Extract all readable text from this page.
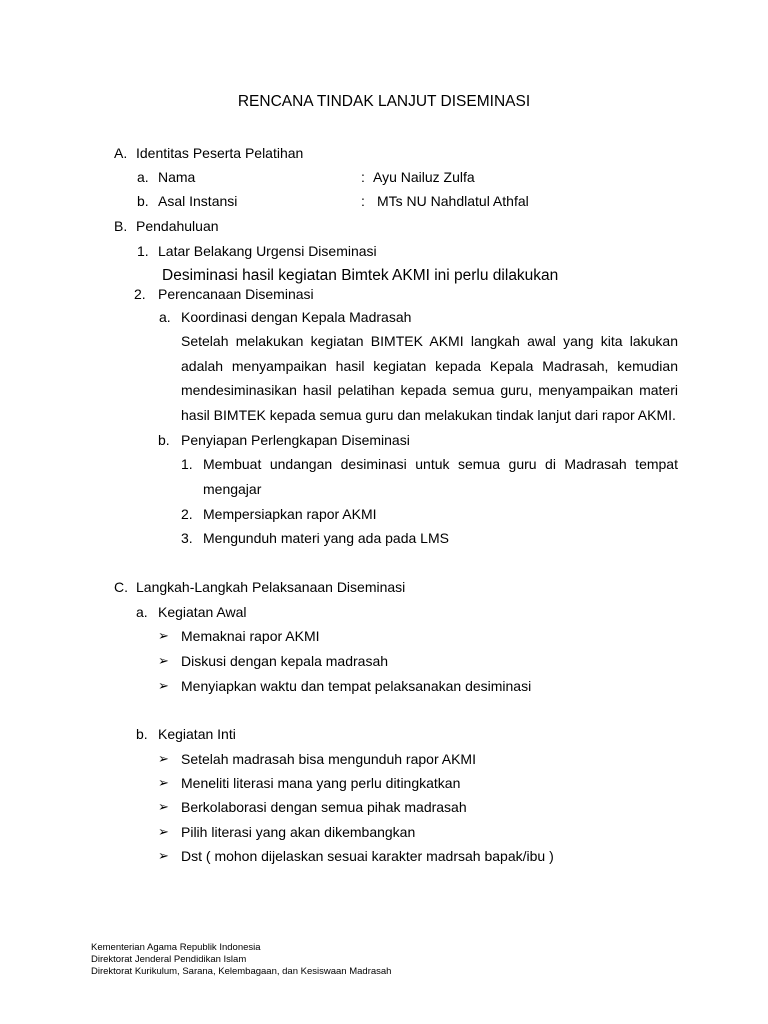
RENCANA TINDAK LANJUT DISEMINASI
A. Identitas Peserta Pelatihan
a. Nama	: Ayu Nailuz Zulfa
b. Asal Instansi	: MTs NU Nahdlatul Athfal
B. Pendahuluan
1. Latar Belakang Urgensi Diseminasi
Desiminasi hasil kegiatan Bimtek AKMI ini perlu dilakukan
2. Perencanaan Diseminasi
a. Koordinasi dengan Kepala Madrasah
Setelah melakukan kegiatan BIMTEK AKMI langkah awal yang kita lakukan
adalah menyampaikan hasil kegiatan kepada Kepala Madrasah, kemudian
mendesiminasikan hasil pelatihan kepada semua guru, menyampaikan materi
hasil BIMTEK kepada semua guru dan melakukan tindak lanjut dari rapor AKMI.
b. Penyiapan Perlengkapan Diseminasi
1. Membuat undangan desiminasi untuk semua guru di Madrasah tempat
mengajar
2. Mempersiapkan rapor AKMI
3. Mengunduh materi yang ada pada LMS
C. Langkah-Langkah Pelaksanaan Diseminasi
a. Kegiatan Awal
➢ Memaknai rapor AKMI
➢ Diskusi dengan kepala madrasah
➢ Menyiapkan waktu dan tempat pelaksanakan desiminasi
b. Kegiatan Inti
➢ Setelah madrasah bisa mengunduh rapor AKMI
➢ Meneliti literasi mana yang perlu ditingkatkan
➢ Berkolaborasi dengan semua pihak madrasah
➢ Pilih literasi yang akan dikembangkan
➢ Dst ( mohon dijelaskan sesuai karakter madrsah bapak/ibu )
Kementerian Agama Republik Indonesia
Direktorat Jenderal Pendidikan Islam
Direktorat Kurikulum, Sarana, Kelembagaan, dan Kesiswaan Madrasah
